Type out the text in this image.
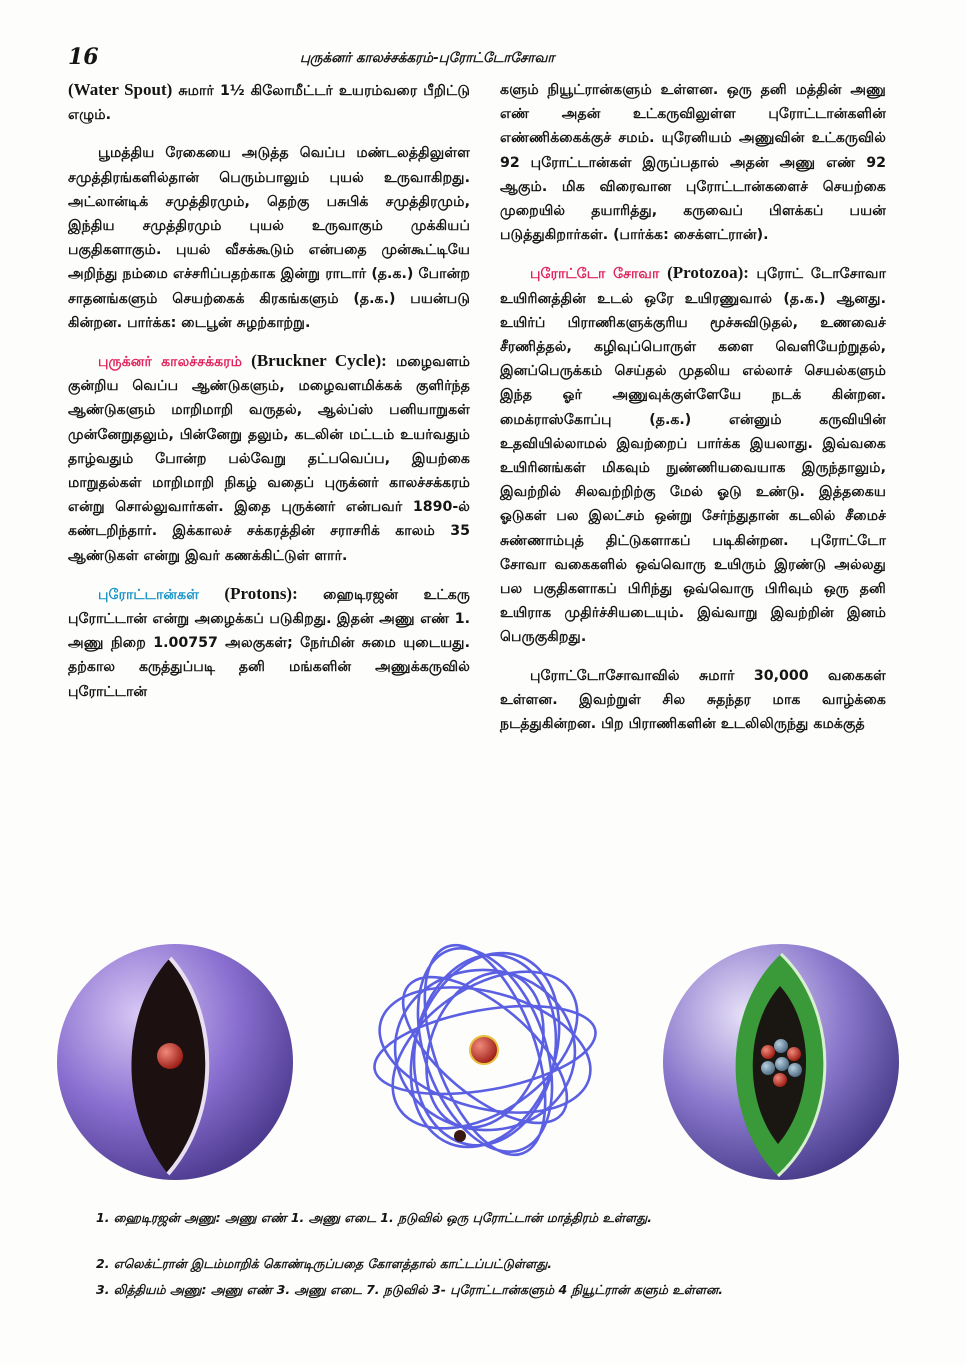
16	புருக்னர் காலச்சக்கரம்-புரோட்டோசோவா

(Water Spout) சுமார் 1½ கிலோமீட்டர் உயரம்வரை பீறிட்டு எழும்.

பூமத்திய ரேகையை அடுத்த வெப்ப மண்டலத்திலுள்ள சமுத்திரங்களில்தான் பெரும்பாலும் புயல் உருவாகிறது. அட்லான்டிக் சமுத்திரமும், தெற்கு பசுபிக் சமுத்திரமும், இந்திய சமுத்திரமும் புயல் உருவாகும் முக்கியப் பகுதிகளாகும். புயல் வீசக்கூடும் என்பதை முன்கூட்டியே அறிந்து நம்மை எச்சரிப்பதற்காக இன்று ராடார் (த.க.) போன்ற சாதனங்களும் செயற்கைக் கிரகங்களும் (த.க.) பயன்படு கின்றன. பார்க்க: டைபூன் சுழற்காற்று.

புருக்னர் காலச்சக்கரம் (Bruckner Cycle): மழைவளம் குன்றிய வெப்ப ஆண்டுகளும், மழைவளமிக்கக் குளிர்ந்த ஆண்டுகளும் மாறிமாறி வருதல், ஆல்ப்ஸ் பனியாறுகள் முன்னேறுதலும், பின்னேறு தலும், கடலின் மட்டம் உயர்வதும் தாழ்வதும் போன்ற பல்வேறு தட்பவெப்ப, இயற்கை மாறுதல்கள் மாறிமாறி நிகழ் வதைப் புருக்னர் காலச்சக்கரம் என்று சொல்லுவார்கள். இதை புருக்னர் என்பவர் 1890-ல் கண்டறிந்தார். இக்காலச் சக்கரத்தின் சராசரிக் காலம் 35 ஆண்டுகள் என்று இவர் கணக்கிட்டுள் ளார்.

புரோட்டான்கள் (Protons): ஹைடிரஜன் உட்கரு புரோட்டான் என்று அழைக்கப் படுகிறது. இதன் அணு எண் 1. அணு நிறை 1.00757 அலகுகள்; நேர்மின் சுமை யுடையது. தற்கால கருத்துப்படி தனி மங்களின் அணுக்கருவில் புரோட்டான்

களும் நியூட்ரான்களும் உள்ளன. ஒரு தனி மத்தின் அணு எண் அதன் உட்கருவிலுள்ள புரோட்டான்களின் எண்ணிக்கைக்குச் சமம். யுரேனியம் அணுவின் உட்கருவில் 92 புரோட்டான்கள் இருப்பதால் அதன் அணு எண் 92 ஆகும். மிக விரைவான புரோட்டான்களைச் செயற்கை முறையில் தயாரித்து, கருவைப் பிளக்கப் பயன் படுத்துகிறார்கள். (பார்க்க: சைக்ளட்ரான்).

புரோட்டோ சோவா (Protozoa): புரோட் டோசோவா உயிரினத்தின் உடல் ஒரே உயிரணுவால் (த.க.) ஆனது. உயிர்ப் பிராணிகளுக்குரிய மூச்சுவிடுதல், உணவைச் சீரணித்தல், கழிவுப்பொருள் களை வெளியேற்றுதல், இனப்பெருக்கம் செய்தல் முதலிய எல்லாச் செயல்களும் இந்த ஓர் அணுவுக்குள்ளேயே நடக் கின்றன. மைக்ராஸ்கோப்பு (த.க.) என்னும் கருவியின் உதவியில்லாமல் இவற்றைப் பார்க்க இயலாது. இவ்வகை உயிரினங்கள் மிகவும் நுண்ணியவையாக இருந்தாலும், இவற்றில் சிலவற்றிற்கு மேல் ஓடு உண்டு. இத்தகைய ஓடுகள் பல இலட்சம் ஒன்று சேர்ந்துதான் கடலில் சீமைச் சுண்ணாம்புத் திட்டுகளாகப் படிகின்றன. புரோட்டோ சோவா வகைகளில் ஒவ்வொரு உயிரும் இரண்டு அல்லது பல பகுதிகளாகப் பிரிந்து ஒவ்வொரு பிரிவும் ஒரு தனி உயிராக முதிர்ச்சியடையும். இவ்வாறு இவற்றின் இனம் பெருகுகிறது.

புரோட்டோசோவாவில் சுமார் 30,000 வகைகள் உள்ளன. இவற்றுள் சில சுதந்தர மாக வாழ்க்கை நடத்துகின்றன. பிற பிராணிகளின் உடலிலிருந்து கமக்குத்

1. ஹைடிரஜன் அணு: அணு எண் 1. அணு எடை 1. நடுவில் ஒரு புரோட்டான் மாத்திரம் உள்ளது.
2. எலெக்ட்ரான் இடம்மாறிக் கொண்டிருப்பதை கோளத்தால் காட்டப்பட்டுள்ளது.
3. லித்தியம் அணு: அணு எண் 3. அணு எடை 7. நடுவில் 3- புரோட்டான்களும் 4 நியூட்ரான் களும் உள்ளன.
